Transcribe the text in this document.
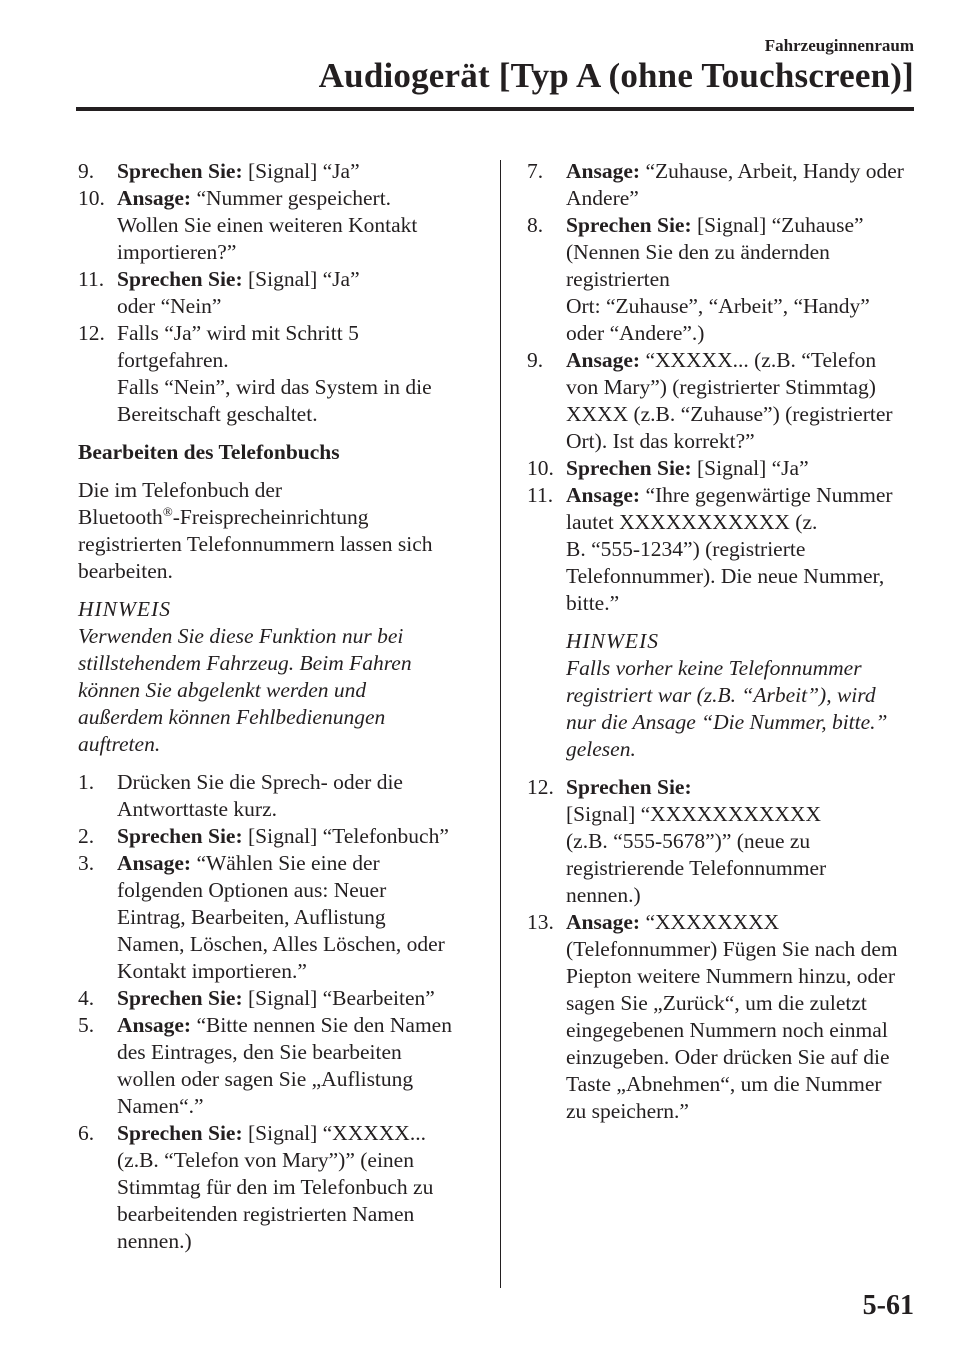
Fahrzeuginnenraum
Audiogerät [Typ A (ohne Touchscreen)]
9. Sprechen Sie: [Signal] “Ja”
10. Ansage: “Nummer gespeichert.
Wollen Sie einen weiteren Kontakt
importieren?”
11. Sprechen Sie: [Signal] “Ja”
oder “Nein”
12. Falls “Ja” wird mit Schritt 5
fortgefahren.
Falls “Nein”, wird das System in die
Bereitschaft geschaltet.
Bearbeiten des Telefonbuchs
Die im Telefonbuch der
Bluetooth®-Freisprecheinrichtung
registrierten Telefonnummern lassen sich
bearbeiten.
HINWEIS
Verwenden Sie diese Funktion nur bei
stillstehendem Fahrzeug. Beim Fahren
können Sie abgelenkt werden und
außerdem können Fehlbedienungen
auftreten.
1. Drücken Sie die Sprech- oder die
Antworttaste kurz.
2. Sprechen Sie: [Signal] “Telefonbuch”
3. Ansage: “Wählen Sie eine der
folgenden Optionen aus: Neuer
Eintrag, Bearbeiten, Auflistung
Namen, Löschen, Alles Löschen, oder
Kontakt importieren.”
4. Sprechen Sie: [Signal] “Bearbeiten”
5. Ansage: “Bitte nennen Sie den Namen
des Eintrages, den Sie bearbeiten
wollen oder sagen Sie „Auflistung
Namen“.”
6. Sprechen Sie: [Signal] “XXXXX...
(z.B. “Telefon von Mary”)” (einen
Stimmtag für den im Telefonbuch zu
bearbeitenden registrierten Namen
nennen.)
7. Ansage: “Zuhause, Arbeit, Handy oder
Andere”
8. Sprechen Sie: [Signal] “Zuhause”
(Nennen Sie den zu ändernden
registrierten
Ort: “Zuhause”, “Arbeit”, “Handy”
oder “Andere”.)
9. Ansage: “XXXXX... (z.B. “Telefon
von Mary”) (registrierter Stimmtag)
XXXX (z.B. “Zuhause”) (registrierter
Ort). Ist das korrekt?”
10. Sprechen Sie: [Signal] “Ja”
11. Ansage: “Ihre gegenwärtige Nummer
lautet XXXXXXXXXXX (z.
B. “555-1234”) (registrierte
Telefonnummer). Die neue Nummer,
bitte.”
HINWEIS
Falls vorher keine Telefonnummer
registriert war (z.B. “Arbeit”), wird
nur die Ansage “Die Nummer, bitte.”
gelesen.
12. Sprechen Sie:
[Signal] “XXXXXXXXXXX
(z.B. “555-5678”)” (neue zu
registrierende Telefonnummer
nennen.)
13. Ansage: “XXXXXXXX
(Telefonnummer) Fügen Sie nach dem
Piepton weitere Nummern hinzu, oder
sagen Sie „Zurück“, um die zuletzt
eingegebenen Nummern noch einmal
einzugeben. Oder drücken Sie auf die
Taste „Abnehmen“, um die Nummer
zu speichern.”
5-61
